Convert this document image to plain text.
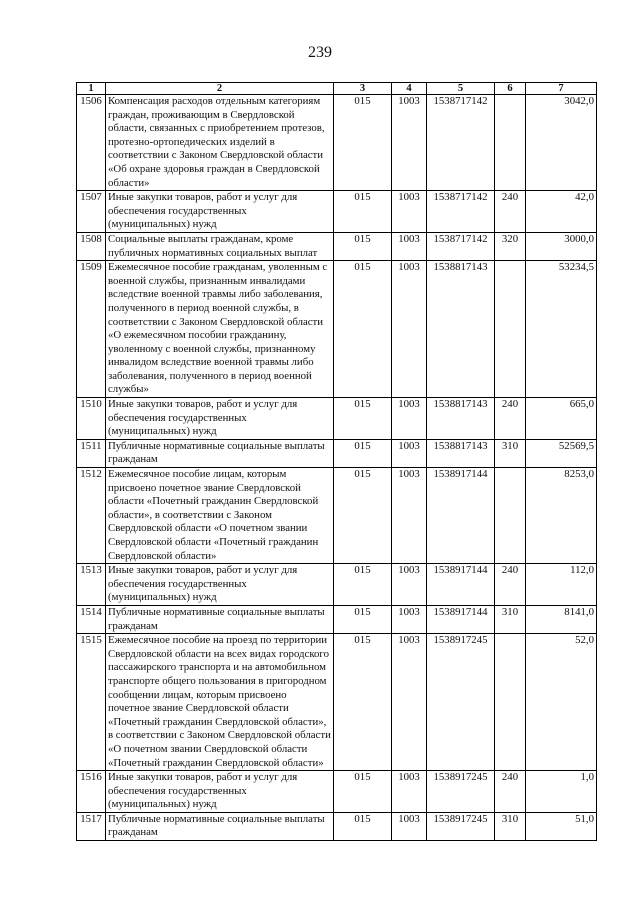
239
1	2	3	4	5	6	7
1506	Компенсация расходов отдельным категориям граждан, проживающим в Свердловской области, связанных с приобретением протезов, протезно-ортопедических изделий в соответствии с Законом Свердловской области «Об охране здоровья граждан в Свердловской области»	015	1003	1538717142		3042,0
1507	Иные закупки товаров, работ и услуг для обеспечения государственных (муниципальных) нужд	015	1003	1538717142	240	42,0
1508	Социальные выплаты гражданам, кроме публичных нормативных социальных выплат	015	1003	1538717142	320	3000,0
1509	Ежемесячное пособие гражданам, уволенным с военной службы, признанным инвалидами вследствие военной травмы либо заболевания, полученного в период военной службы, в соответствии с Законом Свердловской области «О ежемесячном пособии гражданину, уволенному с военной службы, признанному инвалидом вследствие военной травмы либо заболевания, полученного в период военной службы»	015	1003	1538817143		53234,5
1510	Иные закупки товаров, работ и услуг для обеспечения государственных (муниципальных) нужд	015	1003	1538817143	240	665,0
1511	Публичные нормативные социальные выплаты гражданам	015	1003	1538817143	310	52569,5
1512	Ежемесячное пособие лицам, которым присвоено почетное звание Свердловской области «Почетный гражданин Свердловской области», в соответствии с Законом Свердловской области «О почетном звании Свердловской области «Почетный гражданин Свердловской области»	015	1003	1538917144		8253,0
1513	Иные закупки товаров, работ и услуг для обеспечения государственных (муниципальных) нужд	015	1003	1538917144	240	112,0
1514	Публичные нормативные социальные выплаты гражданам	015	1003	1538917144	310	8141,0
1515	Ежемесячное пособие на проезд по территории Свердловской области на всех видах городского пассажирского транспорта и на автомобильном транспорте общего пользования в пригородном сообщении лицам, которым присвоено почетное звание Свердловской области «Почетный гражданин Свердловской области», в соответствии с Законом Свердловской области «О почетном звании Свердловской области «Почетный гражданин Свердловской области»	015	1003	1538917245		52,0
1516	Иные закупки товаров, работ и услуг для обеспечения государственных (муниципальных) нужд	015	1003	1538917245	240	1,0
1517	Публичные нормативные социальные выплаты гражданам	015	1003	1538917245	310	51,0
